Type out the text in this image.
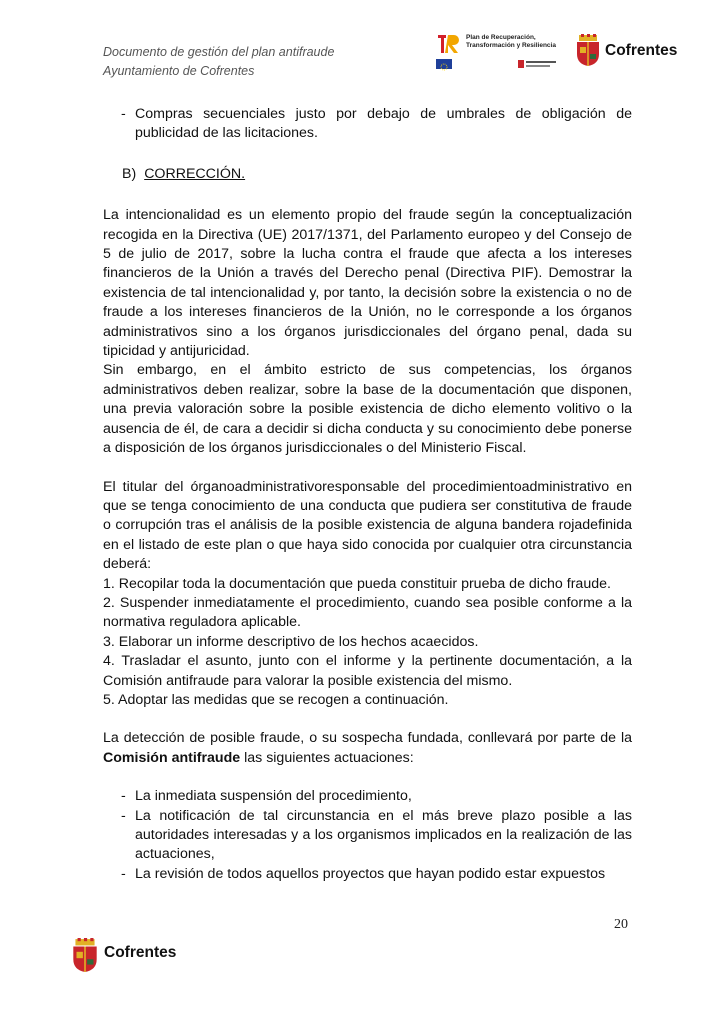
Documento de gestión del plan antifraude
Ayuntamiento de Cofrentes
Plan de Recuperación,
Transformación y Resiliencia	Cofrentes
- Compras secuenciales justo por debajo de umbrales de obligación de publicidad de las licitaciones.
B) CORRECCIÓN.

La intencionalidad es un elemento propio del fraude según la conceptualización recogida en la Directiva (UE) 2017/1371, del Parlamento europeo y del Consejo de 5 de julio de 2017, sobre la lucha contra el fraude que afecta a los intereses financieros de la Unión a través del Derecho penal (Directiva PIF). Demostrar la existencia de tal intencionalidad y, por tanto, la decisión sobre la existencia o no de fraude a los intereses financieros de la Unión, no le corresponde a los órganos administrativos sino a los órganos jurisdiccionales del órgano penal, dada su tipicidad y antijuricidad.

Sin embargo, en el ámbito estricto de sus competencias, los órganos administrativos deben realizar, sobre la base de la documentación que disponen, una previa valoración sobre la posible existencia de dicho elemento volitivo o la ausencia de él, de cara a decidir si dicha conducta y su conocimiento debe ponerse a disposición de los órganos jurisdiccionales o del Ministerio Fiscal.

El titular del órganoadministrativoresponsable del procedimientoadministrativo en que se tenga conocimiento de una conducta que pudiera ser constitutiva de fraude o corrupción tras el análisis de la posible existencia de alguna bandera rojadefinida en el listado de este plan o que haya sido conocida por cualquier otra circunstancia deberá:

1. Recopilar toda la documentación que pueda constituir prueba de dicho fraude.

2. Suspender inmediatamente el procedimiento, cuando sea posible conforme a la normativa reguladora aplicable.

3. Elaborar un informe descriptivo de los hechos acaecidos.

4. Trasladar el asunto, junto con el informe y la pertinente documentación, a la Comisión antifraude para valorar la posible existencia del mismo.

5. Adoptar las medidas que se recogen a continuación.

La detección de posible fraude, o su sospecha fundada, conllevará por parte de la Comisión antifraude las siguientes actuaciones:

- La inmediata suspensión del procedimiento,
- La notificación de tal circunstancia en el más breve plazo posible a las autoridades interesadas y a los organismos implicados en la realización de las actuaciones,
- La revisión de todos aquellos proyectos que hayan podido estar expuestos
20
Cofrentes
